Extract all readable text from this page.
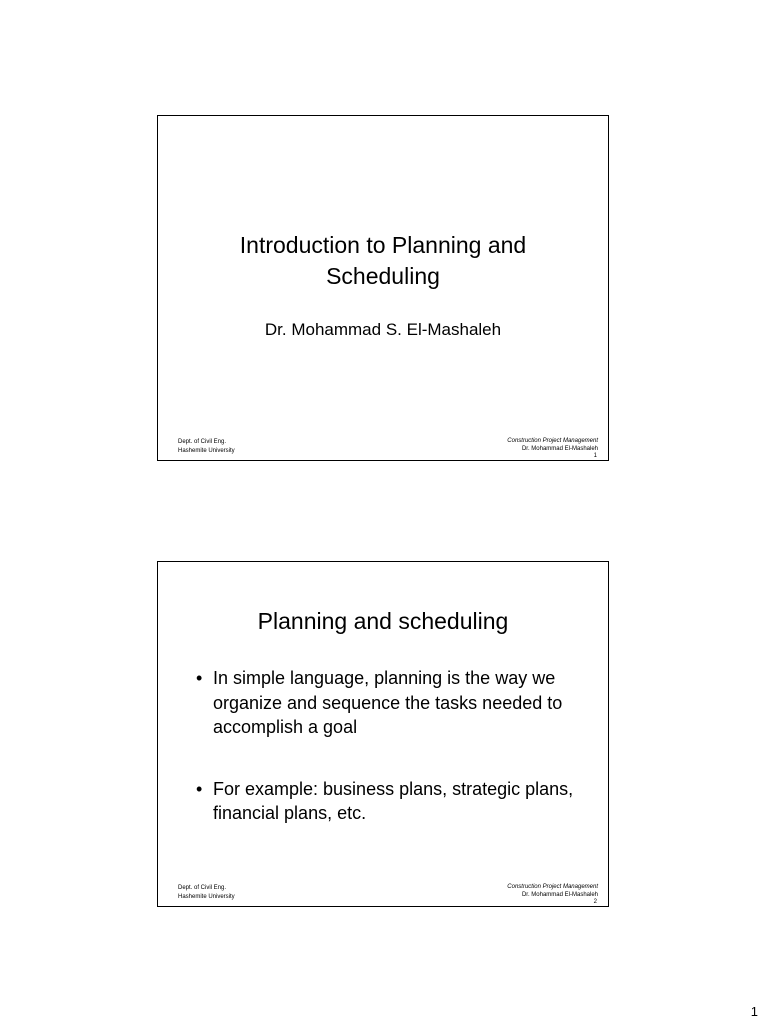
Introduction to Planning and
Scheduling
Dr. Mohammad S. El-Mashaleh
Dept. of Civil Eng.
Hashemite University
Construction Project Management
Dr. Mohammad El-Mashaleh
1
Planning and scheduling
• In simple language, planning is the way we organize and sequence the tasks needed to accomplish a goal
• For example: business plans, strategic plans, financial plans, etc.
Dept. of Civil Eng.
Hashemite University
Construction Project Management
Dr. Mohammad El-Mashaleh
2
1
